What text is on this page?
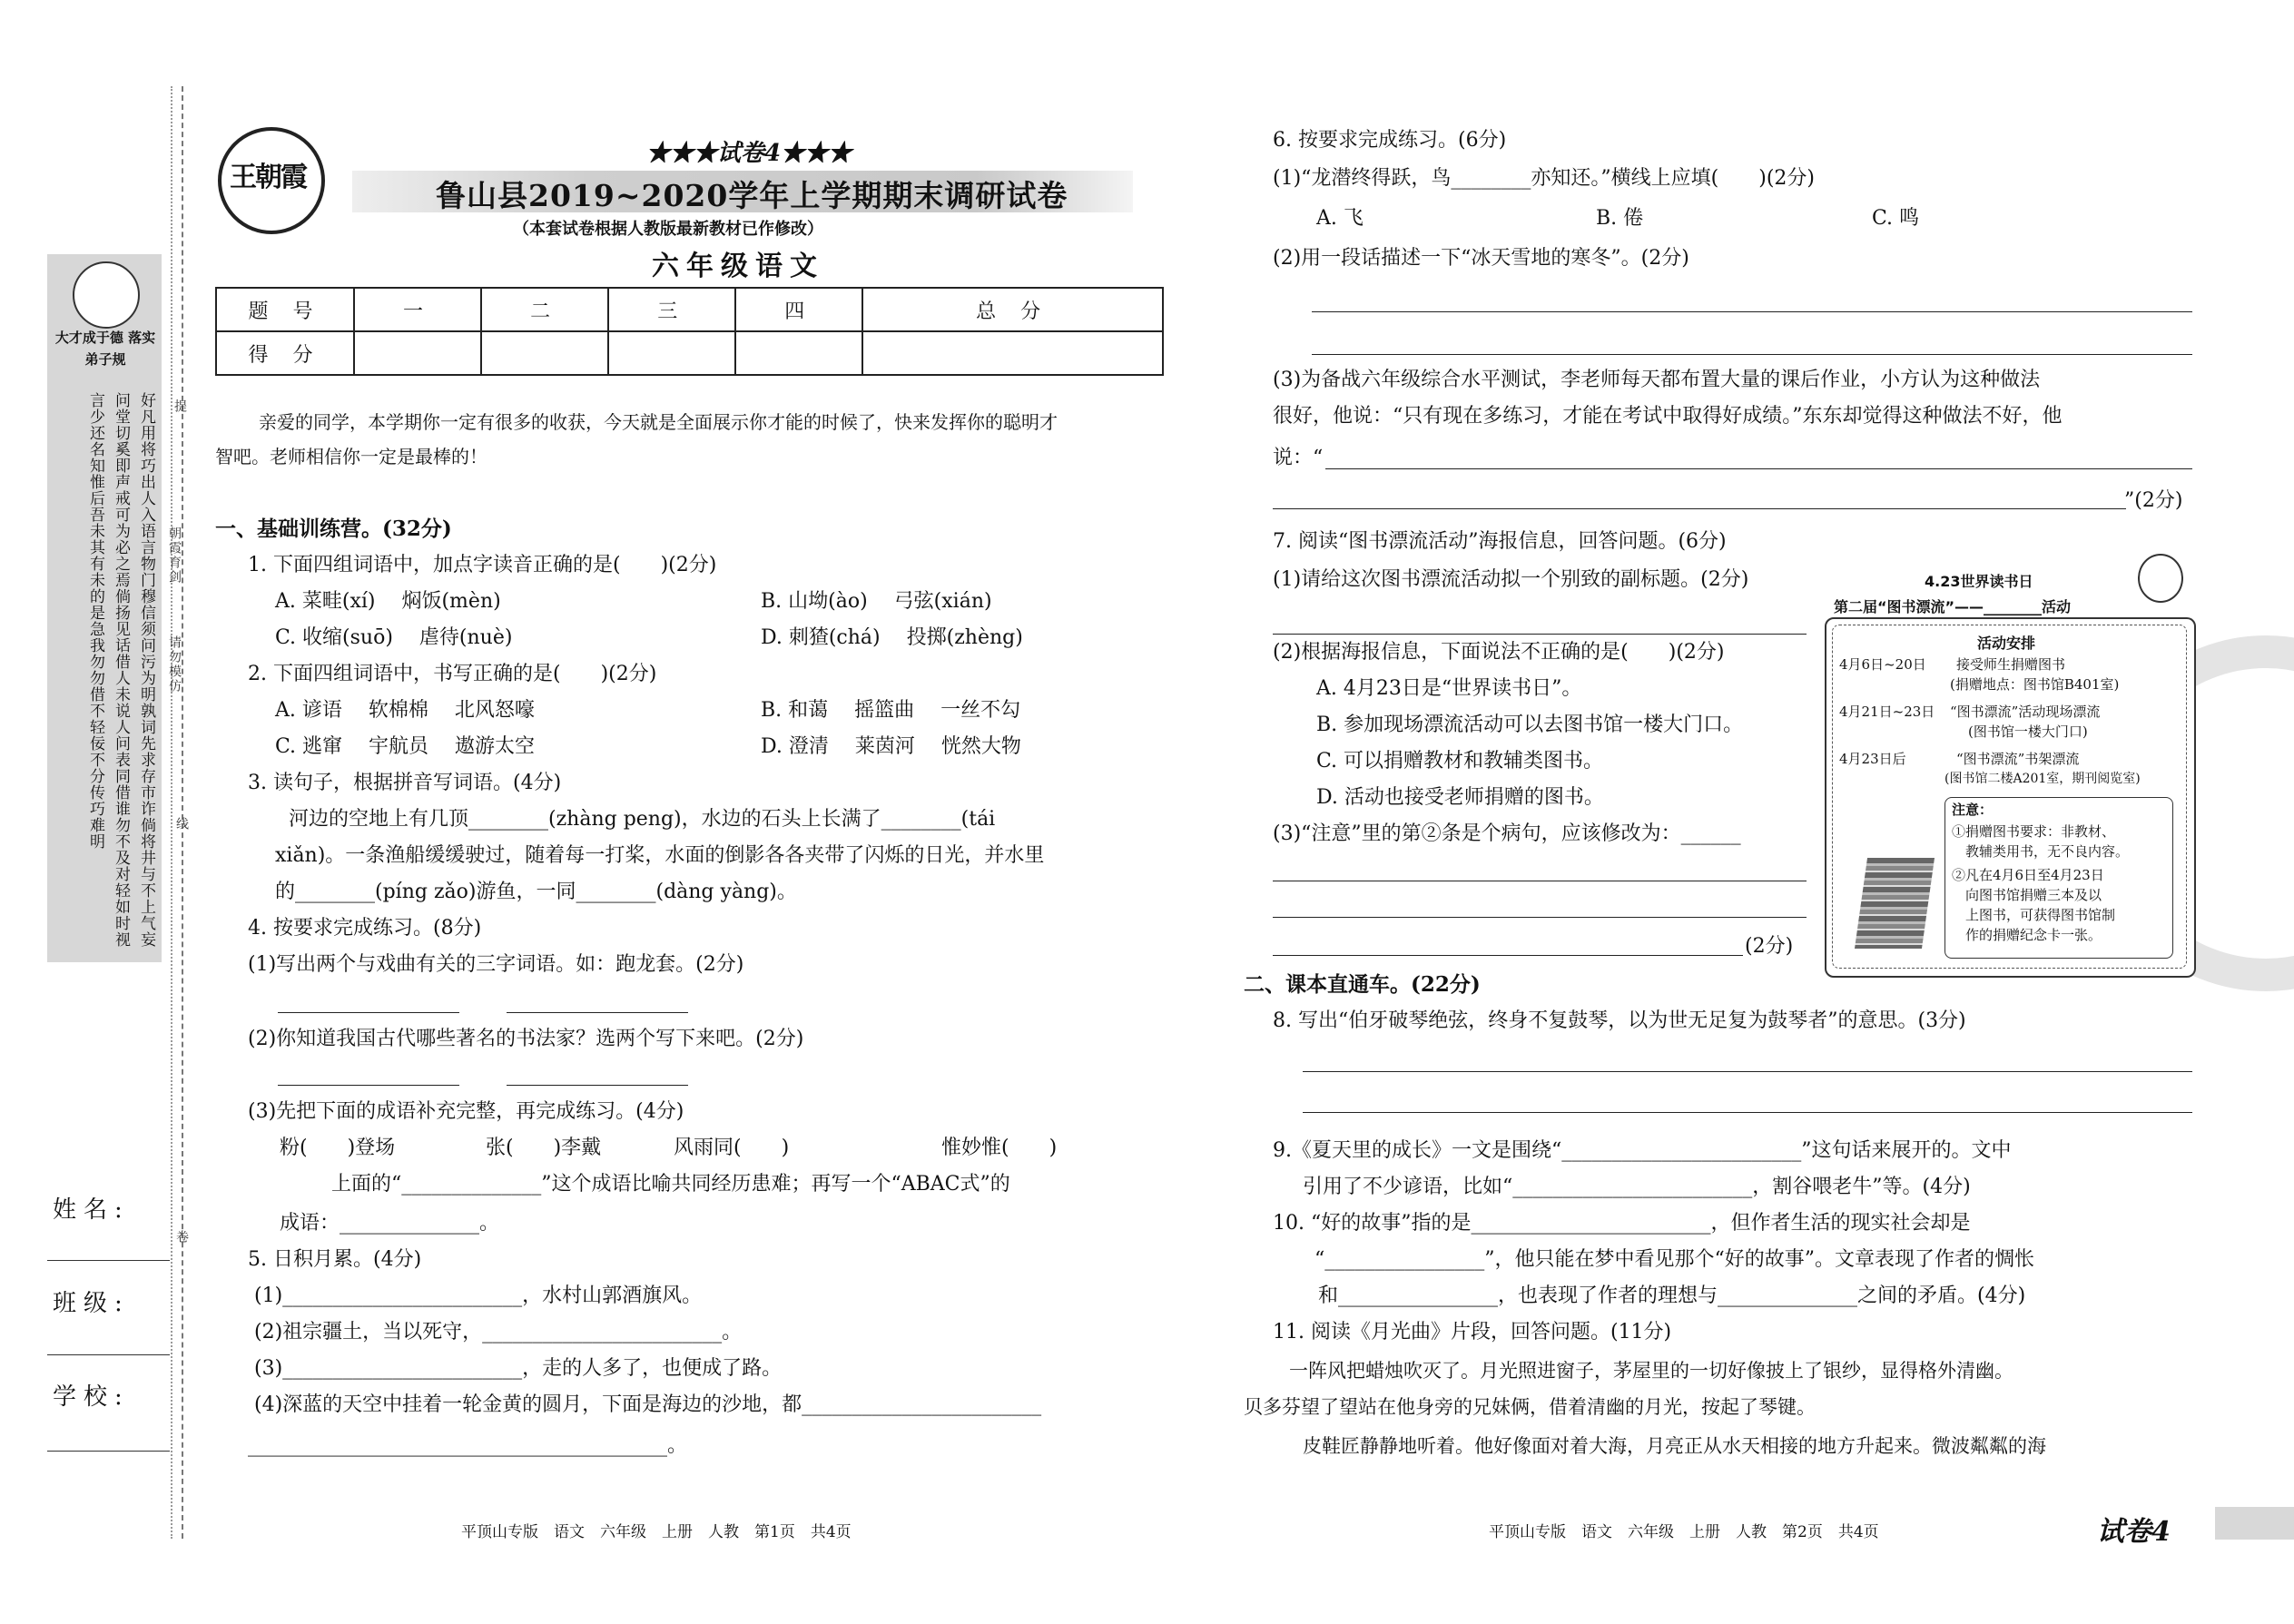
大才成于德 落实弟子规
好凡用将巧出人入语言物门穆信须问污为明孰词先求存市诈倘将井与不上气妄问堂切奚即声戒可为必之焉倘扬见话借人未说人问表同借谁勿不及对轻如时视言少还名知惟后吾未其有未的是急我勿勿借不轻佞不分传巧难明	提
朝霞育剑
请勿模仿
线
卷
姓名:
班级:
学校:
王朝霞
★★★试卷4★★★
鲁山县2019~2020学年上学期期末调研试卷
（本套试卷根据人教版最新教材已作修改）
六年级语文
题 号	一	二	三	四	总 分
得 分					
亲爱的同学，本学期你一定有很多的收获，今天就是全面展示你才能的时候了，快来发挥你的聪明才
智吧。老师相信你一定是最棒的！
一、基础训练营。(32分)
1. 下面四组词语中，加点字读音正确的是(　　)(2分)
A. 菜畦(xí)　 焖饭(mèn)	B. 山坳(ào)　 弓弦(xián)
C. 收缩(suō)　 虐待(nuè)	D. 刺猹(chá)　 投掷(zhèng)
2. 下面四组词语中，书写正确的是(　　)(2分)
A. 谚语　 软棉棉　 北风怒嚎	B. 和蔼　 摇篮曲　 一丝不勾
C. 逃窜　 宇航员　 遨游太空	D. 澄清　 莱茵河　 恍然大物
3. 读句子，根据拼音写词语。(4分)
河边的空地上有几顶________(zhàng peng)，水边的石头上长满了________(tái
xiǎn)。一条渔船缓缓驶过，随着每一打桨，水面的倒影各各夹带了闪烁的日光，并水里
的________(píng zǎo)游鱼，一同________(dàng yàng)。
4. 按要求完成练习。(8分)
(1)写出两个与戏曲有关的三字词语。如：跑龙套。(2分)
(2)你知道我国古代哪些著名的书法家？选两个写下来吧。(2分)
(3)先把下面的成语补充完整，再完成练习。(4分)
粉(　　)登场	张(　　)李戴	风雨同(　　)	惟妙惟(　　)
上面的“______________”这个成语比喻共同经历患难；再写一个“ABAC式”的
成语：______________。
5. 日积月累。(4分)
(1)________________________，水村山郭酒旗风。
(2)祖宗疆土，当以死守，________________________。
(3)________________________，走的人多了，也便成了路。
(4)深蓝的天空中挂着一轮金黄的圆月，下面是海边的沙地，都________________________
__________________________________________。
平顶山专版　语文　六年级　上册　人教　第1页　共4页
6. 按要求完成练习。(6分)
(1)“龙潜终得跃，鸟________亦知还。”横线上应填(　　)(2分)
A. 飞	B. 倦	C. 鸣
(2)用一段话描述一下“冰天雪地的寒冬”。(2分)
(3)为备战六年级综合水平测试，李老师每天都布置大量的课后作业，小方认为这种做法
很好，他说：“只有现在多练习，才能在考试中取得好成绩。”东东却觉得这种做法不好，他
说：“
”(2分)
7. 阅读“图书漂流活动”海报信息，回答问题。(6分)
(1)请给这次图书漂流活动拟一个别致的副标题。(2分)
(2)根据海报信息，下面说法不正确的是(　　)(2分)
A. 4月23日是“世界读书日”。
B. 参加现场漂流活动可以去图书馆一楼大门口。
C. 可以捐赠教材和教辅类图书。
D. 活动也接受老师捐赠的图书。
(3)“注意”里的第②条是个病句，应该修改为：______
(2分)
4.23世界读书日
第二届“图书漂流”——________活动
活动安排
4月6日~20日 接受师生捐赠图书
(捐赠地点：图书馆B401室)
4月21日~23日 “图书漂流”活动现场漂流
(图书馆一楼大门口)
4月23日后	“图书漂流”书架漂流
(图书馆二楼A201室，期刊阅览室)
注意：
①捐赠图书要求：非教材、
教辅类用书，无不良内容。
②凡在4月6日至4月23日
向图书馆捐赠三本及以
上图书，可获得图书馆制
作的捐赠纪念卡一张。
二、课本直通车。(22分)
8. 写出“伯牙破琴绝弦，终身不复鼓琴，以为世无足复为鼓琴者”的意思。(3分)
9.《夏天里的成长》一文是围绕“________________________”这句话来展开的。文中
引用了不少谚语，比如“________________________，割谷喂老牛”等。(4分)
10. “好的故事”指的是________________________，但作者生活的现实社会却是
“________________”，他只能在梦中看见那个“好的故事”。文章表现了作者的惆怅
和________________，也表现了作者的理想与______________之间的矛盾。(4分)
11. 阅读《月光曲》片段，回答问题。(11分)
一阵风把蜡烛吹灭了。月光照进窗子，茅屋里的一切好像披上了银纱，显得格外清幽。
贝多芬望了望站在他身旁的兄妹俩，借着清幽的月光，按起了琴键。
皮鞋匠静静地听着。他好像面对着大海，月亮正从水天相接的地方升起来。微波粼粼的海
平顶山专版　语文　六年级　上册　人教　第2页　共4页	试卷4
